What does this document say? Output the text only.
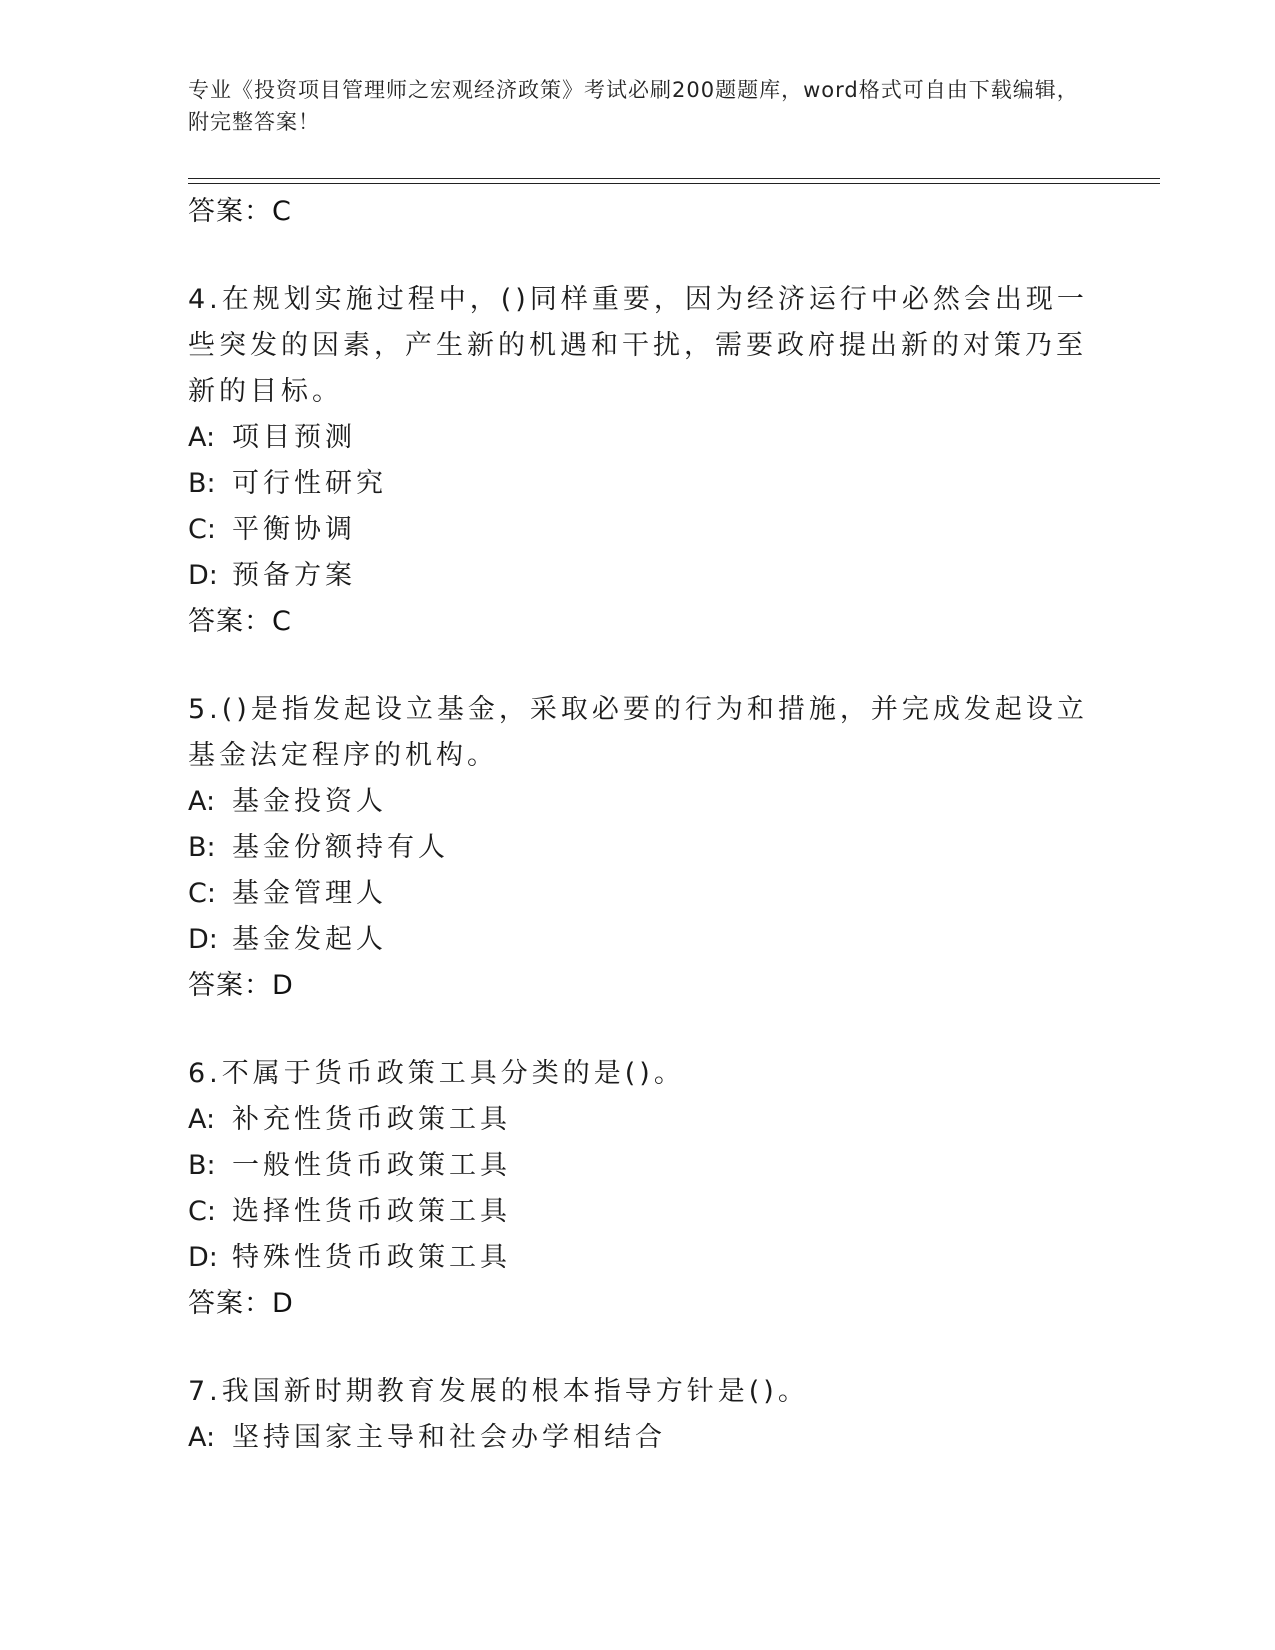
专业《投资项目管理师之宏观经济政策》考试必刷200题题库，word格式可自由下载编辑，附完整答案！
答案：C
4.在规划实施过程中，()同样重要，因为经济运行中必然会出现一些突发的因素，产生新的机遇和干扰，需要政府提出新的对策乃至新的目标。
A: 项目预测
B: 可行性研究
C: 平衡协调
D: 预备方案
答案：C
5.()是指发起设立基金，采取必要的行为和措施，并完成发起设立基金法定程序的机构。
A: 基金投资人
B: 基金份额持有人
C: 基金管理人
D: 基金发起人
答案：D
6.不属于货币政策工具分类的是()。
A: 补充性货币政策工具
B: 一般性货币政策工具
C: 选择性货币政策工具
D: 特殊性货币政策工具
答案：D
7.我国新时期教育发展的根本指导方针是()。
A: 坚持国家主导和社会办学相结合
